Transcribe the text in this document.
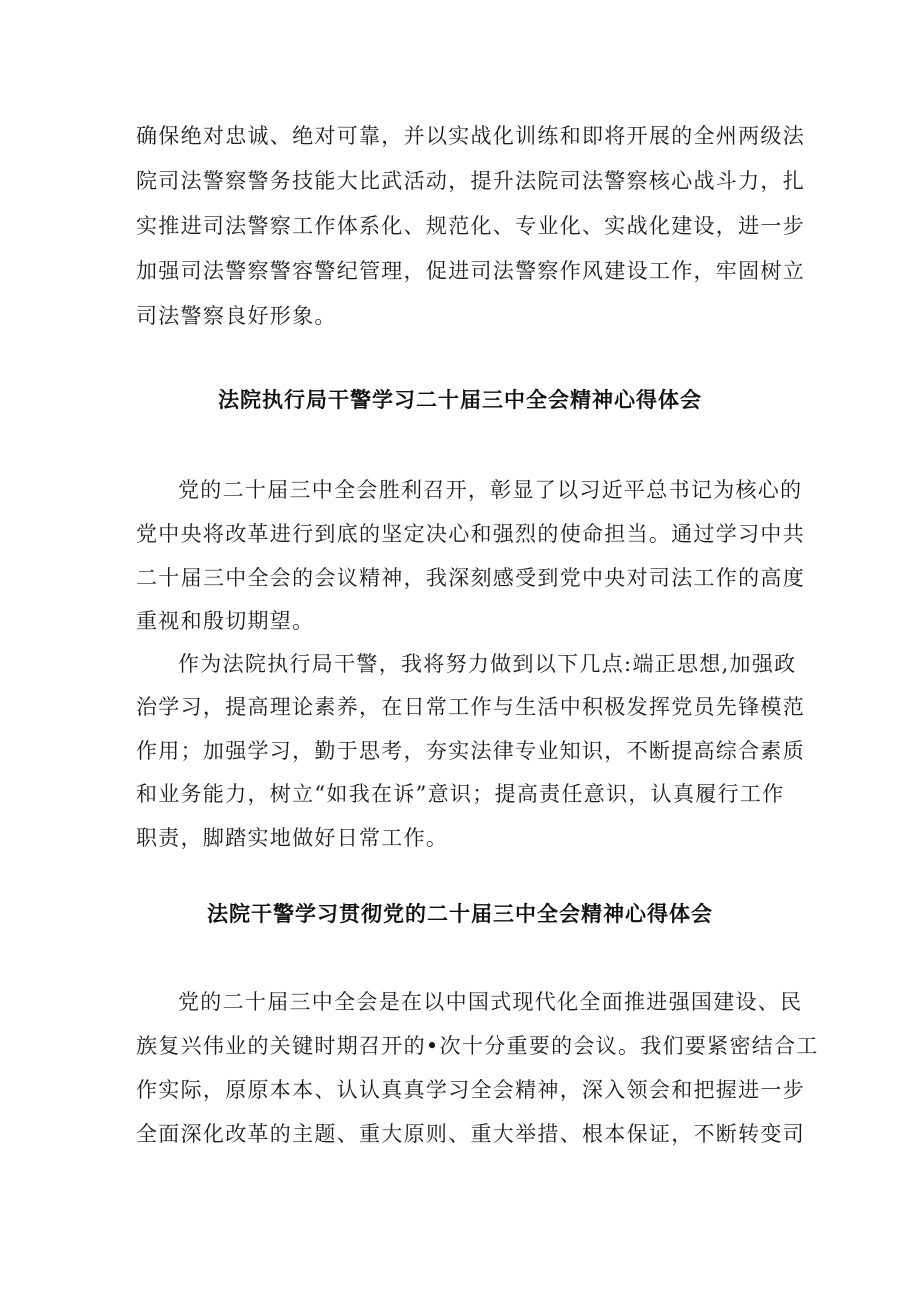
确保绝对忠诚、绝对可靠，并以实战化训练和即将开展的全州两级法
院司法警察警务技能大比武活动，提升法院司法警察核心战斗力，扎
实推进司法警察工作体系化、规范化、专业化、实战化建设，进一步
加强司法警察警容警纪管理，促进司法警察作风建设工作，牢固树立
司法警察良好形象。
法院执行局干警学习二十届三中全会精神心得体会
党的二十届三中全会胜利召开，彰显了以习近平总书记为核心的
党中央将改革进行到底的坚定决心和强烈的使命担当。通过学习中共
二十届三中全会的会议精神，我深刻感受到党中央对司法工作的高度
重视和殷切期望。
作为法院执行局干警，我将努力做到以下几点:端正思想,加强政
治学习，提高理论素养，在日常工作与生活中积极发挥党员先锋模范
作用；加强学习，勤于思考，夯实法律专业知识，不断提高综合素质
和业务能力，树立“如我在诉”意识；提高责任意识，认真履行工作
职责，脚踏实地做好日常工作。
法院干警学习贯彻党的二十届三中全会精神心得体会
党的二十届三中全会是在以中国式现代化全面推进强国建设、民
族复兴伟业的关键时期召开的•次十分重要的会议。我们要紧密结合工
作实际，原原本本、认认真真学习全会精神，深入领会和把握进一步
全面深化改革的主题、重大原则、重大举措、根本保证，不断转变司
